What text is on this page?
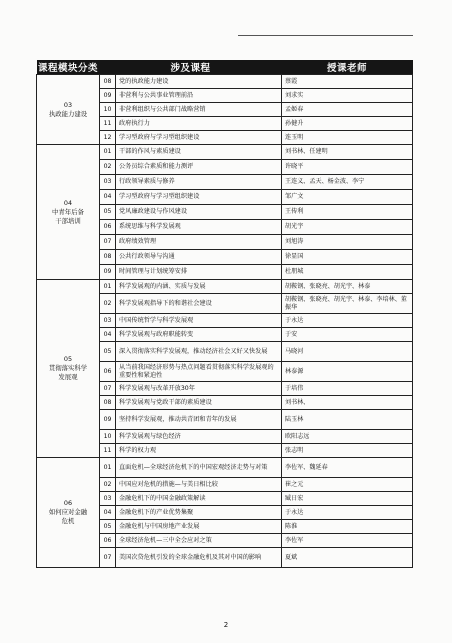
课程模块分类	涉及课程		授课老师
03
执政能力建设	08	党的执政能力建设	蔡霞
	09	非营利与公共事业管理前沿	刘求实
	10	非营利组织与公共部门战略营销	孟姬春
	11	政府执行力	孙健升
	12	学习型政府与学习型组织建设	连玉明
04
中青年后备
干部培训	01	干部的作风与素质建设	刘书林、任建明
	02	公务员综合素质和能力测评	许晓平
	03	行政领导素质与修养	王连义、孟天、杨金波、李宁
	04	学习型政府与学习型组织建设	邹广文
	05	党风廉政建设与作风建设	王传利
	06	系统思维与科学发展观	胡光宇
	07	政府绩效管理	刘旭涛
	08	公共行政领导与沟通	徐显国
	09	时间管理与计划统筹安排	杜朋城
05
贯彻落实科学
发展观	01	科学发展观的内涵、实质与发展	胡鞍钢、张晓亮、胡光宇、林泰
	02	科学发展观指导下的和谐社会建设	胡鞍钢、张晓亮、胡光宇、林泰、李培林、董振华
	03	中国传统哲学与科学发展观	于永达
	04	科学发展观与政府职能转变	于安
	05	深入贯彻落实科学发展观，推动经济社会又好又快发展	马晓河
	06	从当前我国经济形势与热点问题看贯彻落实科学发展观的重要性和紧迫性	林泰源
	07	科学发展观与改革开放30年	于培伟
	08	科学发展观与党政干部的素质建设	刘书林、
	09	坚持科学发展观，推动共青团和青年的发展	陆玉林
	10	科学发展观与绿色经济	欧阳志远
	11	科学的权力观	张志明
06
如何应对金融
危机	01	直面危机—全球经济危机下的中国宏观经济走势与对策	李佐军、魏延春
	02	中国应对危机的措施—与美日相比较	崔之元
	03	金融危机下的中国金融政策解读	臧日宏
	04	金融危机下的产业优势集聚	于永达
	05	金融危机与中国房地产业发展	陈淮
	06	全球经济危机—三中全会应对之策	李佐军
	07	美国次贷危机引发的全球金融危机及其对中国的影响	夏斌
2
